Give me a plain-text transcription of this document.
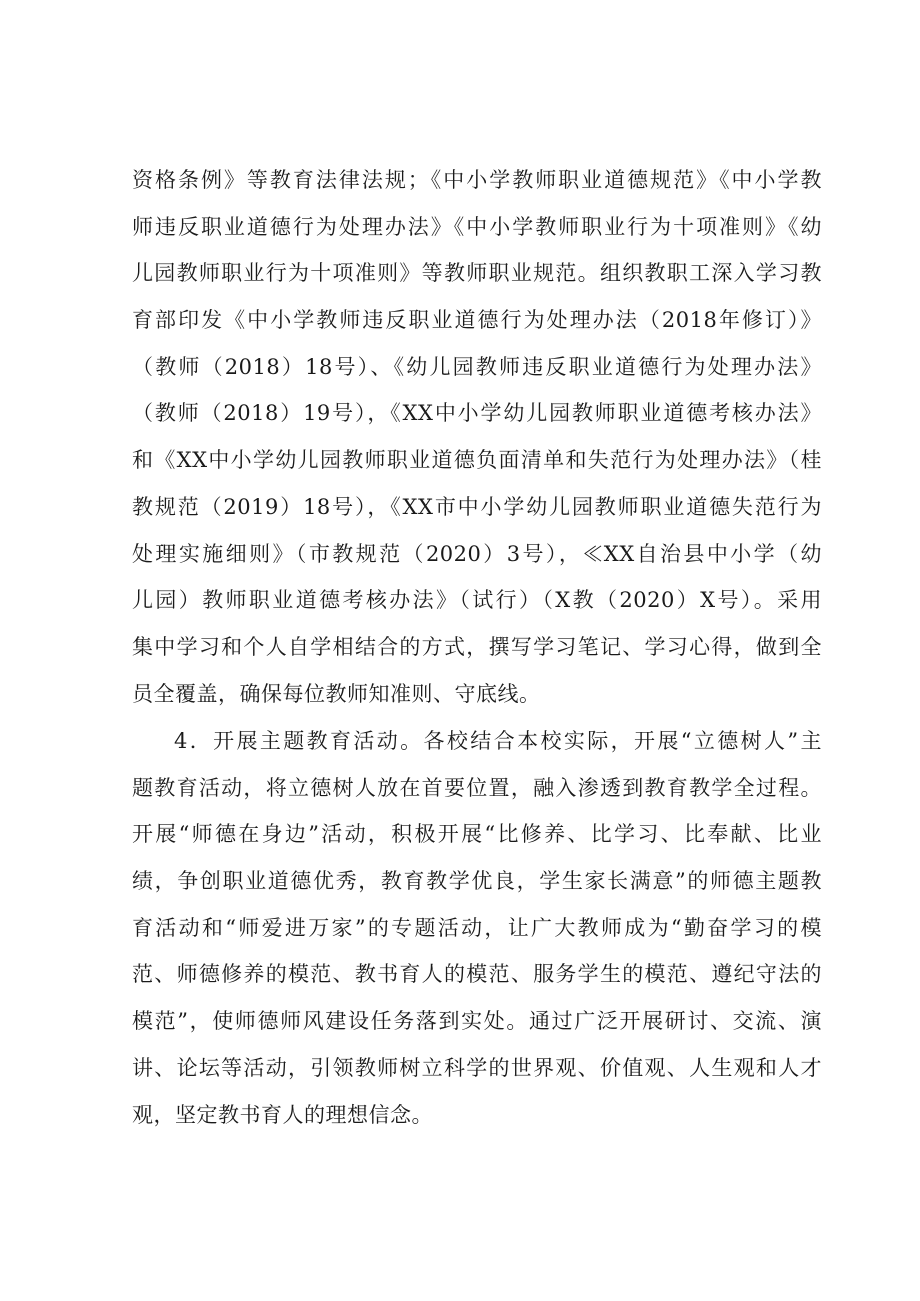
资格条例》等教育法律法规；《中小学教师职业道德规范》《中小学教
师违反职业道德行为处理办法》《中小学教师职业行为十项准则》《幼
儿园教师职业行为十项准则》等教师职业规范。组织教职工深入学习教
育部印发《中小学教师违反职业道德行为处理办法（2018年修订）》
（教师（2018）18号）、《幼儿园教师违反职业道德行为处理办法》
（教师（2018）19号），《XX中小学幼儿园教师职业道德考核办法》
和《XX中小学幼儿园教师职业道德负面清单和失范行为处理办法》（桂
教规范（2019）18号），《XX市中小学幼儿园教师职业道德失范行为
处理实施细则》（市教规范（2020）3号），≪XX自治县中小学（幼
儿园）教师职业道德考核办法》（试行）（X教（2020）X号）。采用
集中学习和个人自学相结合的方式，撰写学习笔记、学习心得，做到全
员全覆盖，确保每位教师知准则、守底线。
4．开展主题教育活动。各校结合本校实际，开展“立德树人”主
题教育活动，将立德树人放在首要位置，融入渗透到教育教学全过程。
开展“师德在身边”活动，积极开展“比修养、比学习、比奉献、比业
绩，争创职业道德优秀，教育教学优良，学生家长满意”的师德主题教
育活动和“师爱进万家”的专题活动，让广大教师成为“勤奋学习的模
范、师德修养的模范、教书育人的模范、服务学生的模范、遵纪守法的
模范”，使师德师风建设任务落到实处。通过广泛开展研讨、交流、演
讲、论坛等活动，引领教师树立科学的世界观、价值观、人生观和人才
观，坚定教书育人的理想信念。
